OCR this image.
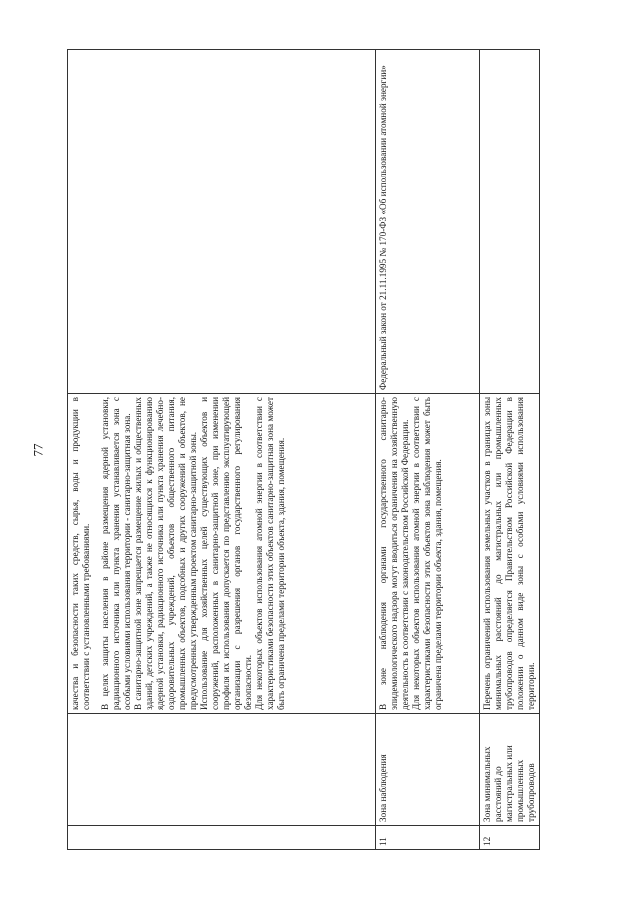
77

		качества и безопасности таких средств, сырья, воды и продукции в соответствии с установленными требованиями. В целях защиты населения в районе размещения ядерной установки, радиационного источника или пункта хранения устанавливается зона с особыми условиями использования территории - санитарно-защитная зона. В санитарно-защитной зоне запрещается размещение жилых и общественных зданий, детских учреждений, а также не относящихся к функционированию ядерной установки, радиационного источника или пункта хранения лечебно-оздоровительных учреждений, объектов общественного питания, промышленных объектов, подсобных и других сооружений и объектов, не предусмотренных утвержденным проектом санитарно-защитной зоны. Использование для хозяйственных целей существующих объектов и сооружений, расположенных в санитарно-защитной зоне, при изменении профиля их использования допускается по представлению эксплуатирующей организации с разрешения органов государственного регулирования безопасности. Для некоторых объектов использования атомной энергии в соответствии с характеристиками безопасности этих объектов санитарно-защитная зона может быть ограничена пределами территории объекта, здания, помещения.	

11	Зона наблюдения	В зоне наблюдения органами государственного санитарно-эпидемиологического надзора могут вводиться ограничения на хозяйственную деятельность в соответствии с законодательством Российской Федерации. Для некоторых объектов использования атомной энергии в соответствии с характеристиками безопасности этих объектов зона наблюдения может быть ограничена пределами территории объекта, здания, помещения.	Федеральный закон от 21.11.1995 № 170-ФЗ «Об использовании атомной энергии»
12	Зона минимальных расстояний до магистральных или промышленных трубопроводов	Перечень ограничений использования земельных участков в границах зоны минимальных расстояний до магистральных или промышленных трубопроводов определяется Правительством Российской Федерации в положении о данном виде зоны с особыми условиями использования территории.	
